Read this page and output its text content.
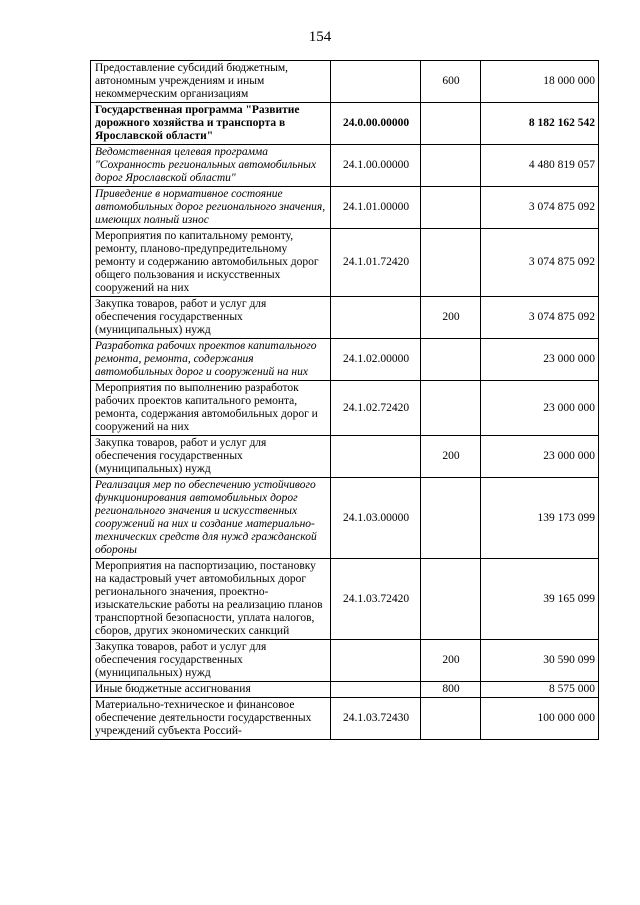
154
Предоставление субсидий бюджетным, автономным учреждениям и иным некоммерческим организациям		600	18 000 000
Государственная программа "Развитие дорожного хозяйства и транспорта в Ярославской области"	24.0.00.00000		8 182 162 542
Ведомственная целевая программа "Сохранность региональных автомобильных дорог Ярославской области"	24.1.00.00000		4 480 819 057
Приведение в нормативное состояние автомобильных дорог регионального значения, имеющих полный износ	24.1.01.00000		3 074 875 092
Мероприятия по капитальному ремонту, ремонту, планово-предупредительному ремонту и содержанию автомобильных дорог общего пользования и искусственных сооружений на них	24.1.01.72420		3 074 875 092
Закупка товаров, работ и услуг для обеспечения государственных (муниципальных) нужд		200	3 074 875 092
Разработка рабочих проектов капитального ремонта, ремонта, содержания автомобильных дорог и сооружений на них	24.1.02.00000		23 000 000
Мероприятия по выполнению разработок рабочих проектов капитального ремонта, ремонта, содержания автомобильных дорог и сооружений на них	24.1.02.72420		23 000 000
Закупка товаров, работ и услуг для обеспечения государственных (муниципальных) нужд		200	23 000 000
Реализация мер по обеспечению устойчивого функционирования автомобильных дорог регионального значения и искусственных сооружений на них и создание материально-технических средств для нужд гражданской обороны	24.1.03.00000		139 173 099
Мероприятия на паспортизацию, постановку на кадастровый учет автомобильных дорог регионального значения, проектно-изыскательские работы на реализацию планов транспортной безопасности, уплата налогов, сборов, других экономических санкций	24.1.03.72420		39 165 099
Закупка товаров, работ и услуг для обеспечения государственных (муниципальных) нужд		200	30 590 099
Иные бюджетные ассигнования		800	8 575 000
Материально-техническое и финансовое обеспечение деятельности государственных учреждений субъекта Россий-	24.1.03.72430		100 000 000
